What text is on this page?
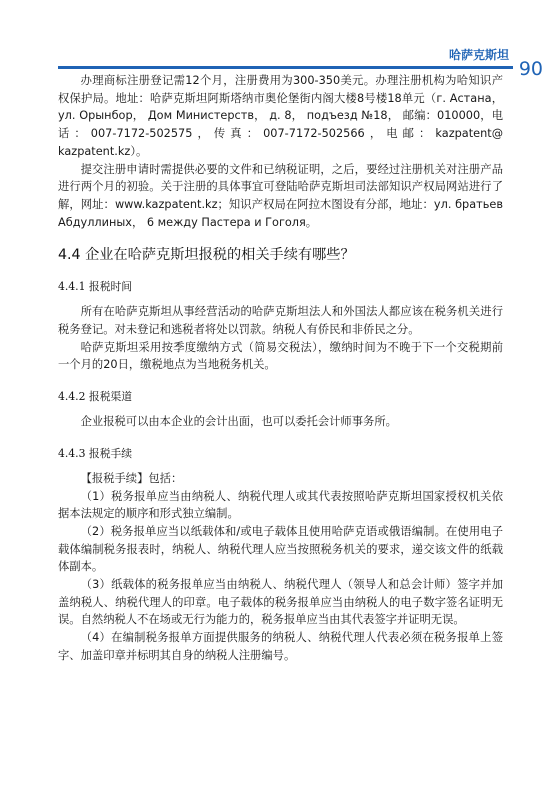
哈萨克斯坦
90

办理商标注册登记需12个月，注册费用为300-350美元。办理注册机构为哈知识产权保护局。地址：哈萨克斯坦阿斯塔纳市奥伦堡街内阁大楼8号楼18单元（г. Астана， ул. Орынбор， Дом Министерств， д. 8， подъезд №18， 邮编：010000，电话：007-7172-502575，传真：007-7172-502566，电邮：kazpatent@ kazpatent.kz）。

提交注册申请时需提供必要的文件和已纳税证明，之后，要经过注册机关对注册产品进行两个月的初验。关于注册的具体事宜可登陆哈萨克斯坦司法部知识产权局网站进行了解，网址：www.kazpatent.kz；知识产权局在阿拉木图设有分部，地址：ул. братьев Абдуллиных， 6 между Пастера и Гоголя。

4.4 企业在哈萨克斯坦报税的相关手续有哪些？
4.4.1 报税时间

所有在哈萨克斯坦从事经营活动的哈萨克斯坦法人和外国法人都应该在税务机关进行税务登记。对未登记和逃税者将处以罚款。纳税人有侨民和非侨民之分。

哈萨克斯坦采用按季度缴纳方式（简易交税法），缴纳时间为不晚于下一个交税期前一个月的20日，缴税地点为当地税务机关。

4.4.2 报税渠道

企业报税可以由本企业的会计出面，也可以委托会计师事务所。

4.4.3 报税手续

【报税手续】包括：

（1）税务报单应当由纳税人、纳税代理人或其代表按照哈萨克斯坦国家授权机关依据本法规定的顺序和形式独立编制。

（2）税务报单应当以纸载体和/或电子载体且使用哈萨克语或俄语编制。在使用电子载体编制税务报表时，纳税人、纳税代理人应当按照税务机关的要求，递交该文件的纸载体副本。

（3）纸载体的税务报单应当由纳税人、纳税代理人（领导人和总会计师）签字并加盖纳税人、纳税代理人的印章。电子载体的税务报单应当由纳税人的电子数字签名证明无误。自然纳税人不在场或无行为能力的，税务报单应当由其代表签字并证明无误。

（4）在编制税务报单方面提供服务的纳税人、纳税代理人代表必须在税务报单上签字、加盖印章并标明其自身的纳税人注册编号。
